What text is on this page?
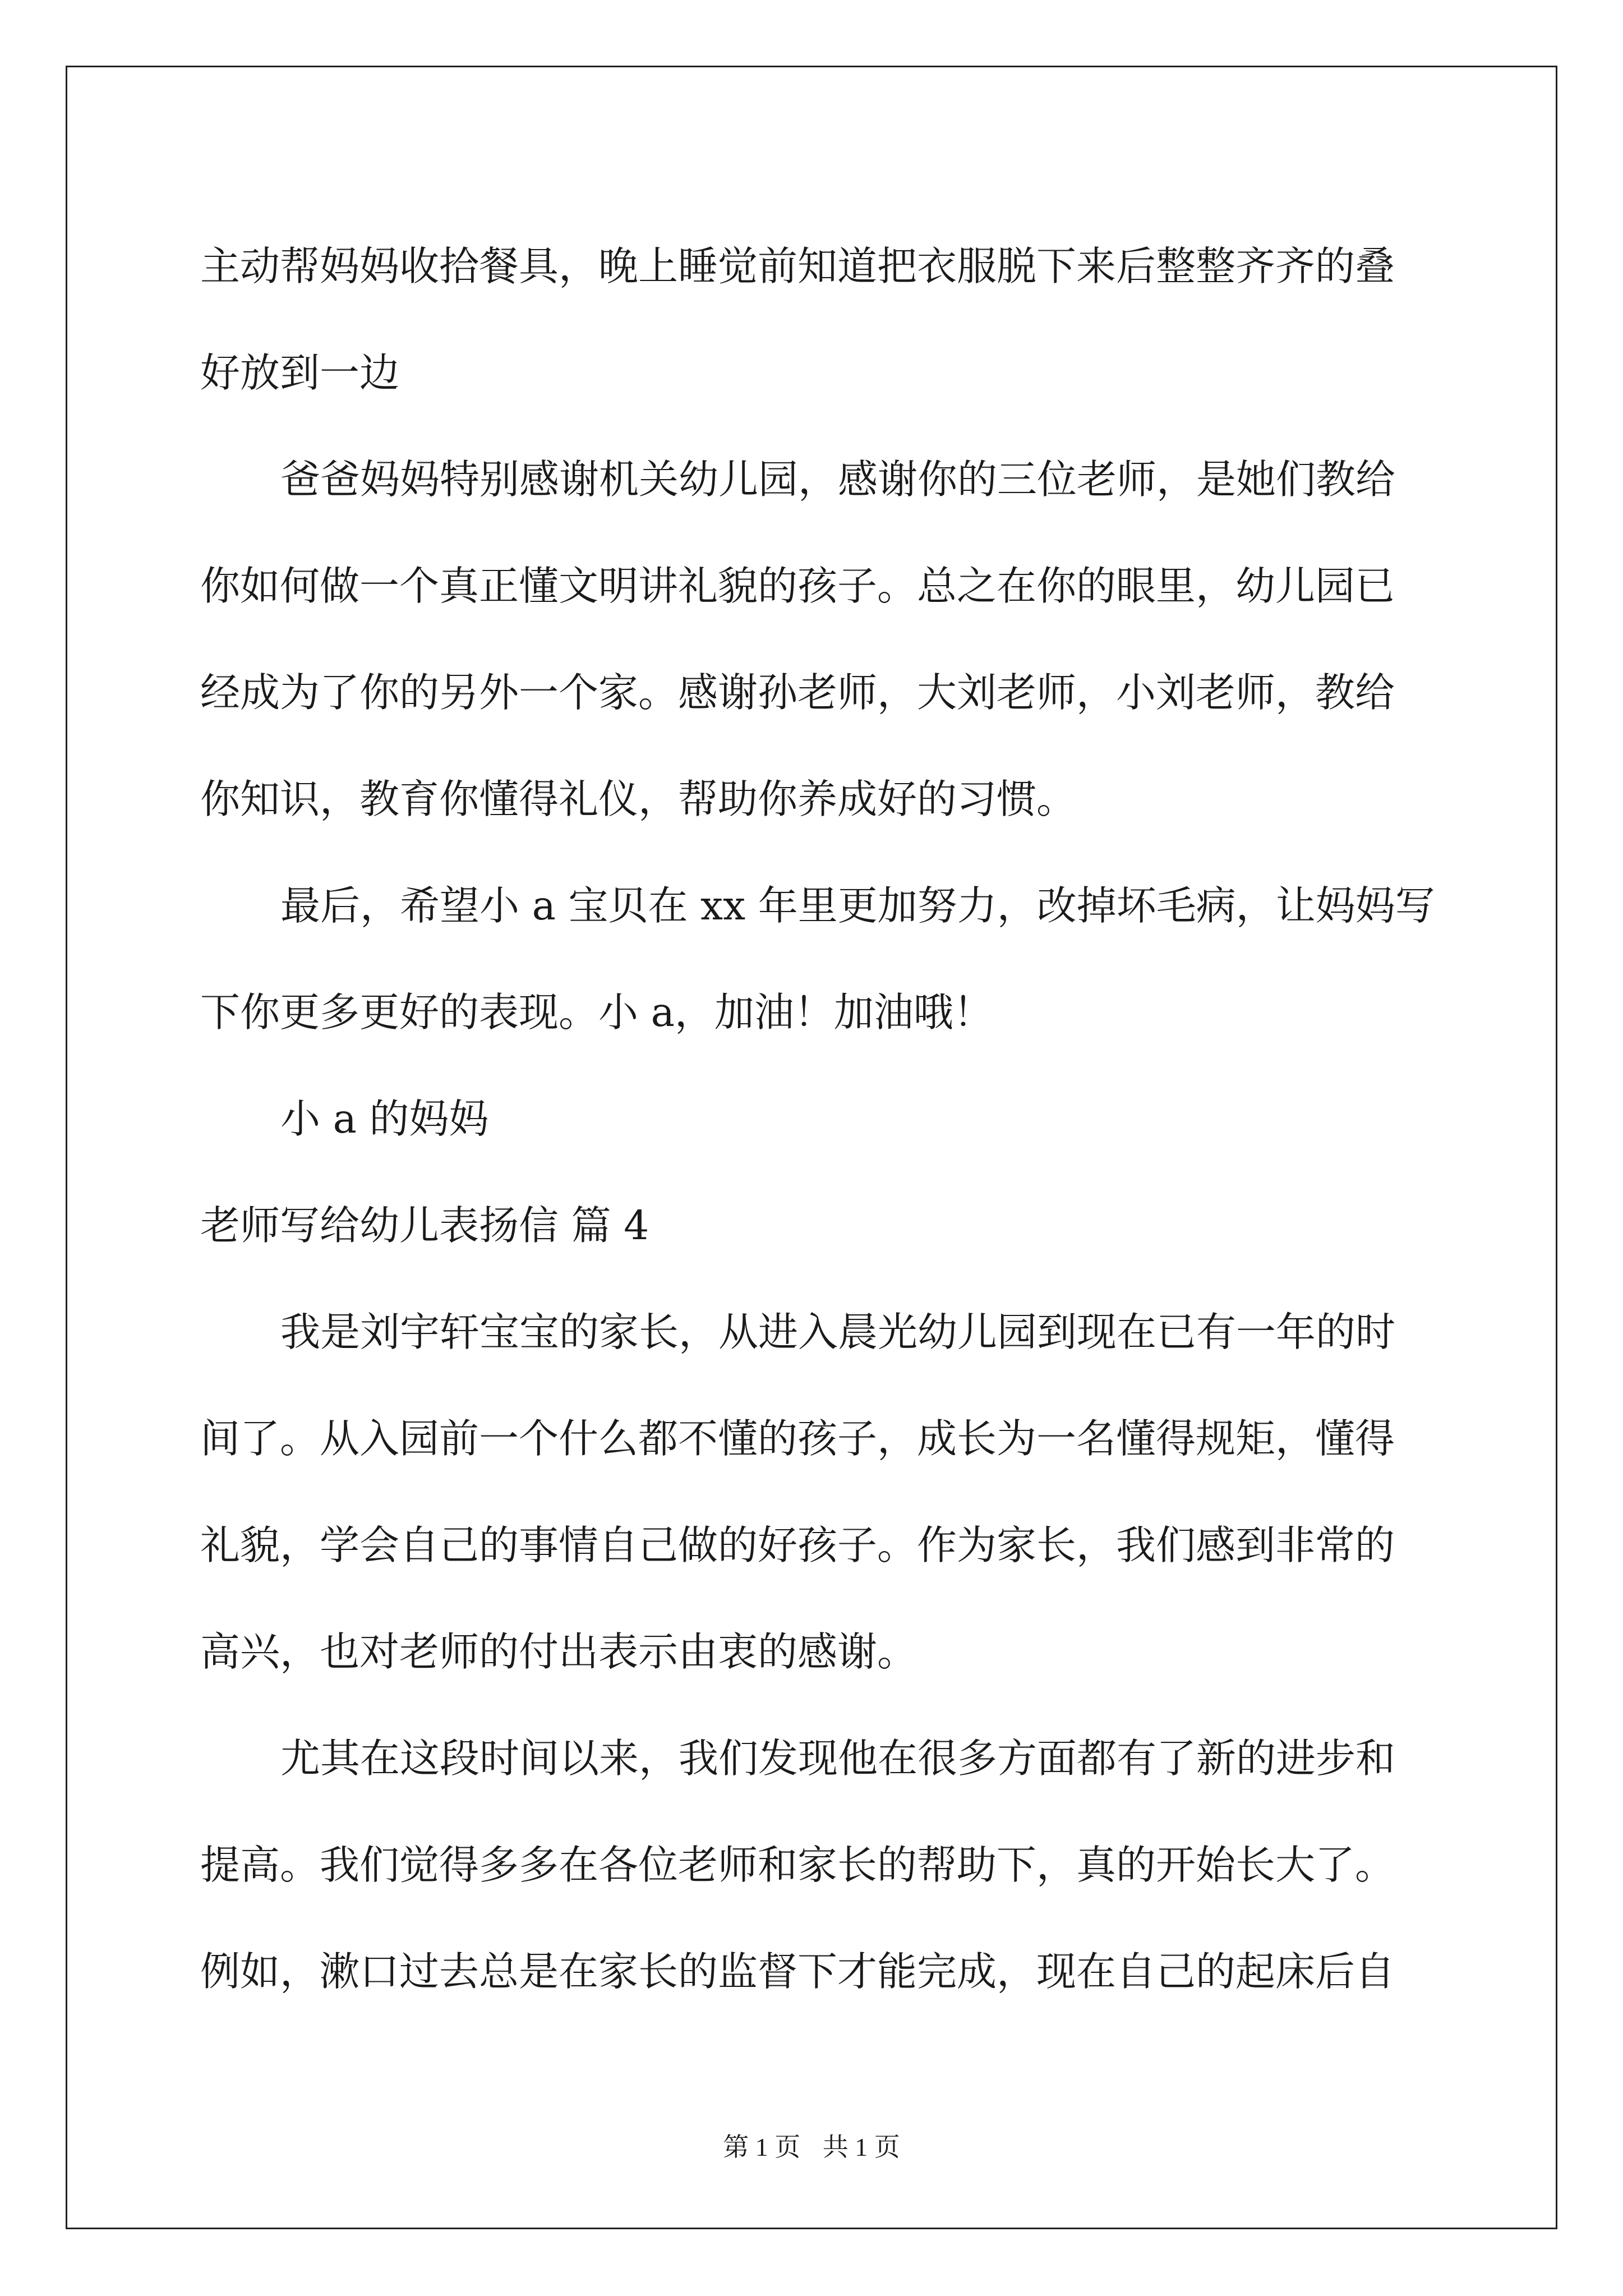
主动帮妈妈收拾餐具，晚上睡觉前知道把衣服脱下来后整整齐齐的叠

好放到一边

爸爸妈妈特别感谢机关幼儿园，感谢你的三位老师，是她们教给

你如何做一个真正懂文明讲礼貌的孩子。总之在你的眼里，幼儿园已

经成为了你的另外一个家。感谢孙老师，大刘老师，小刘老师，教给

你知识，教育你懂得礼仪，帮助你养成好的习惯。

最后，希望小 a 宝贝在 xx 年里更加努力，改掉坏毛病，让妈妈写

下你更多更好的表现。小 a，加油！加油哦！

小 a 的妈妈

老师写给幼儿表扬信 篇 4

我是刘宇轩宝宝的家长，从进入晨光幼儿园到现在已有一年的时

间了。从入园前一个什么都不懂的孩子，成长为一名懂得规矩，懂得

礼貌，学会自己的事情自己做的好孩子。作为家长，我们感到非常的

高兴，也对老师的付出表示由衷的感谢。

尤其在这段时间以来，我们发现他在很多方面都有了新的进步和

提高。我们觉得多多在各位老师和家长的帮助下，真的开始长大了。

例如，漱口过去总是在家长的监督下才能完成，现在自己的起床后自

第 1 页 共 1 页
